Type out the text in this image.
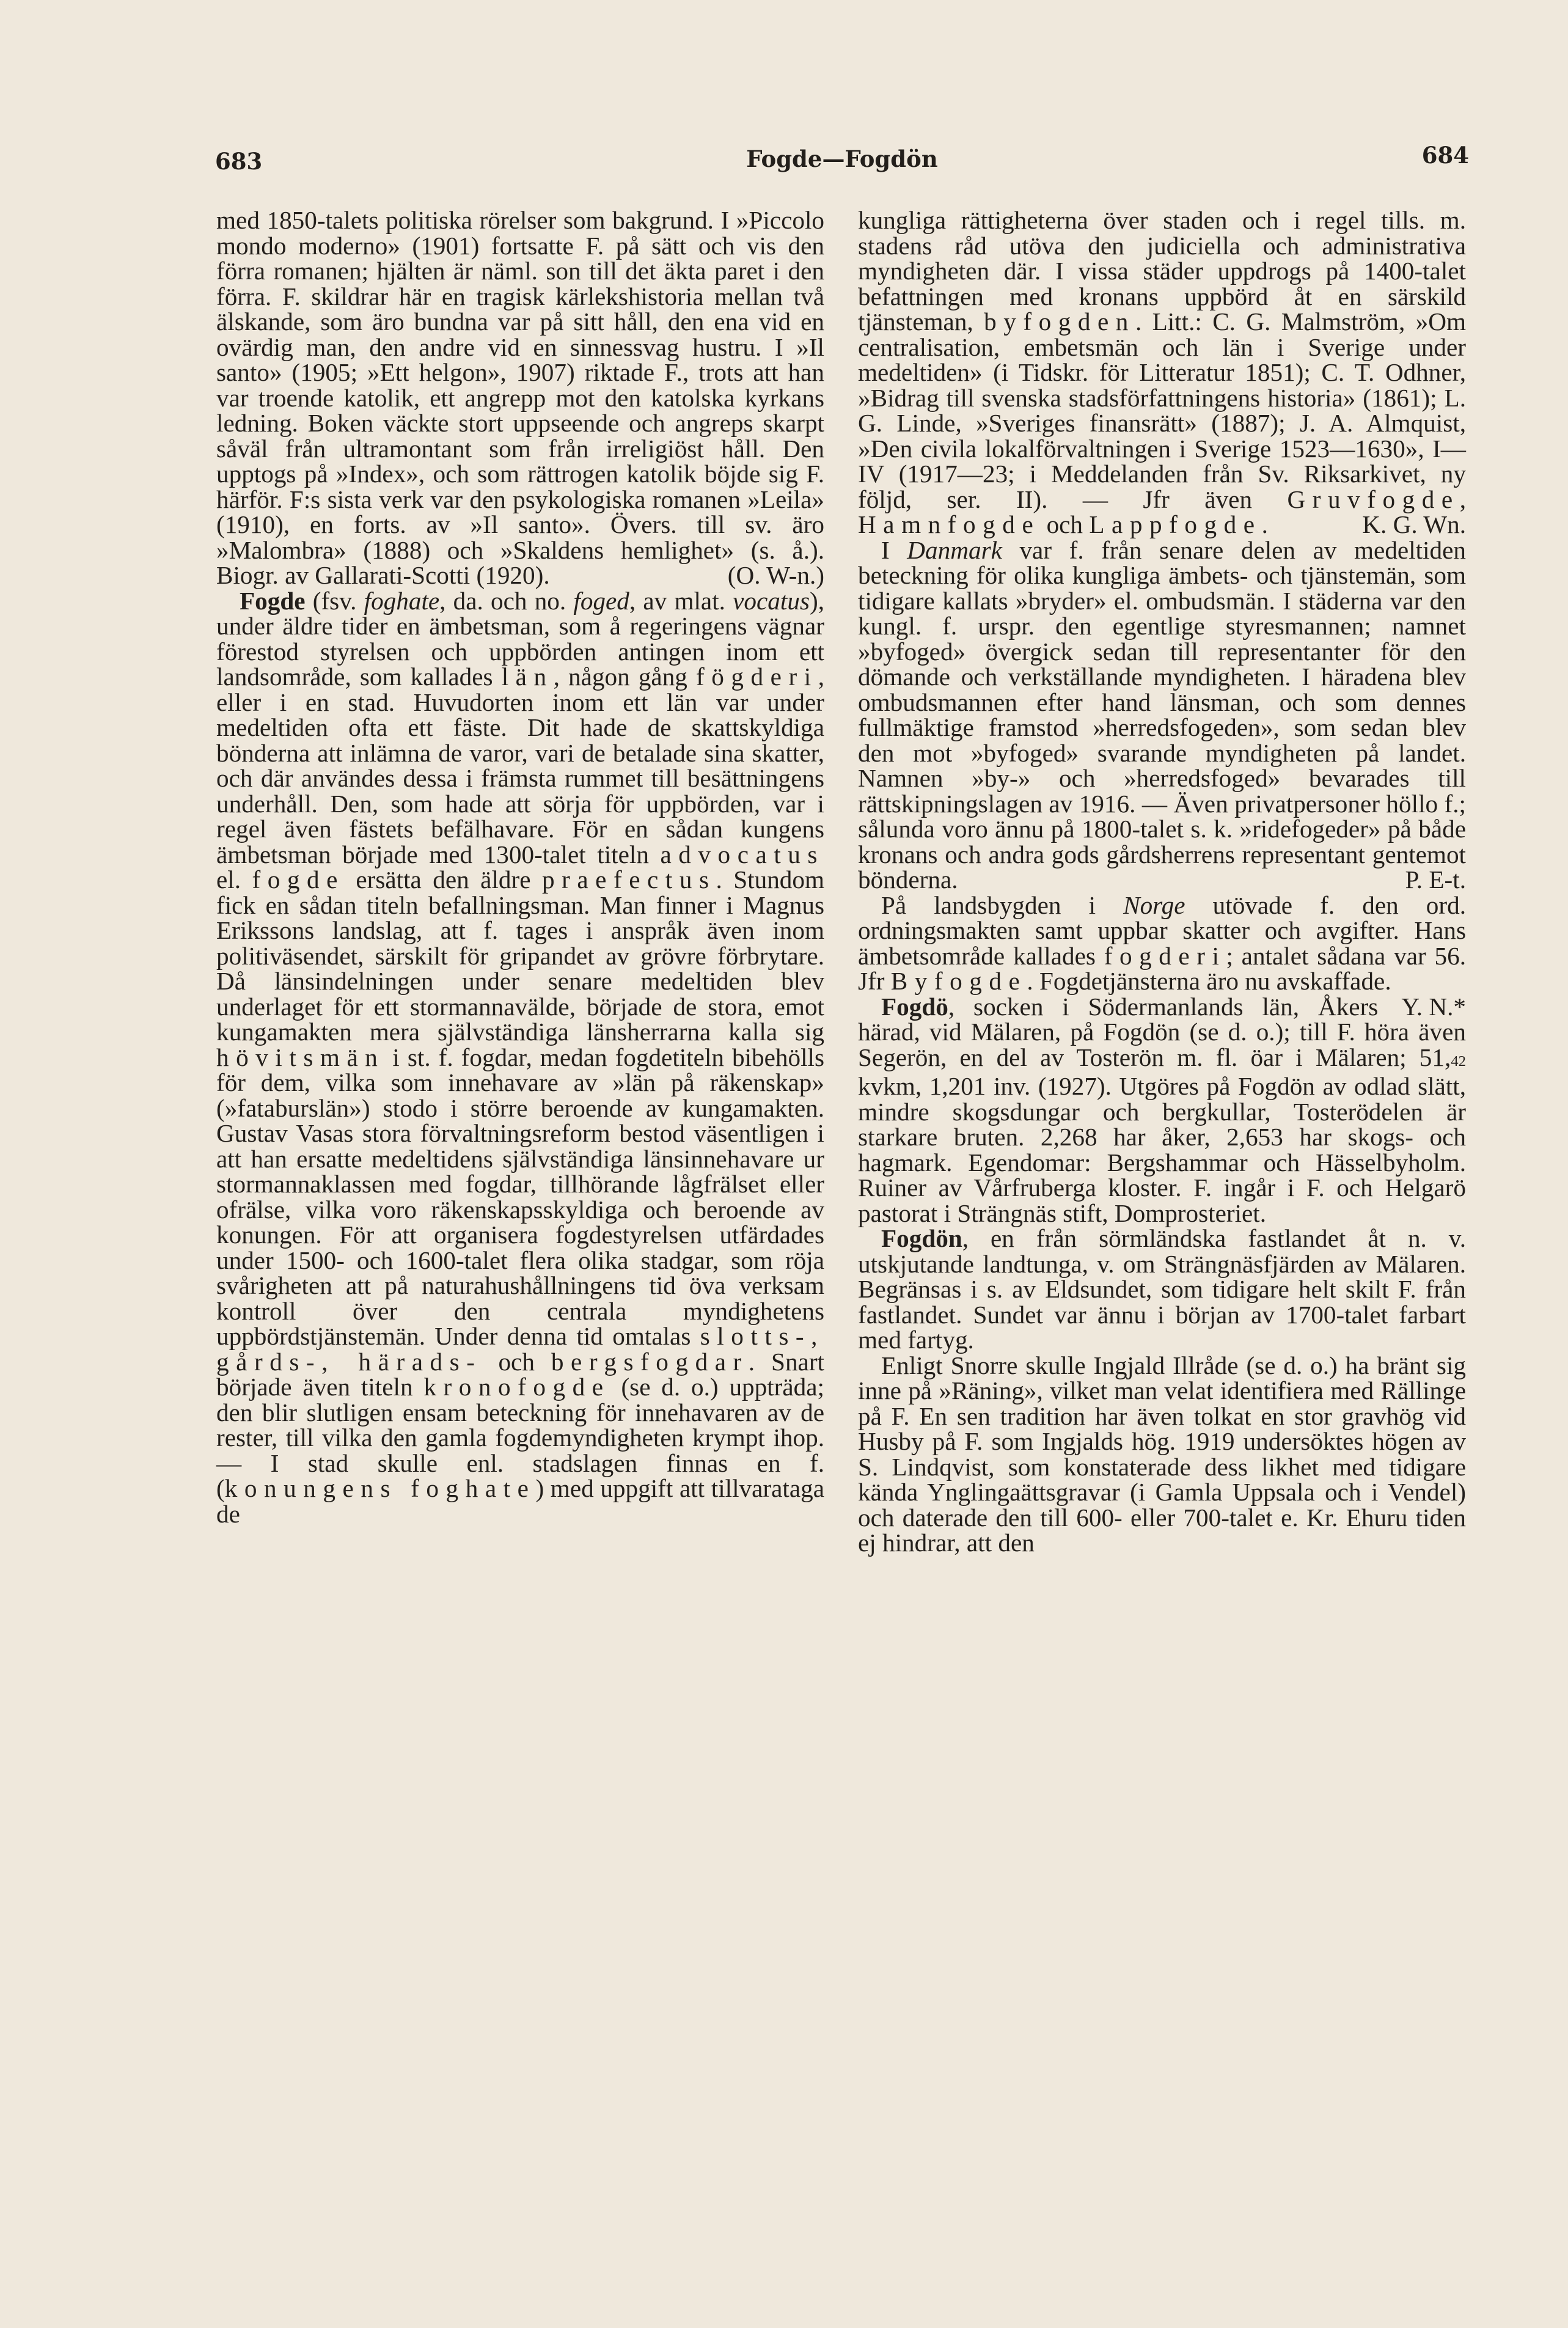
683	Fogde—Fogdön	684

med 1850-talets politiska rörelser som bakgrund. I »Piccolo mondo moderno» (1901) fortsatte F. på sätt och vis den förra romanen; hjälten är näml. son till det äkta paret i den förra. F. skildrar här en tragisk kärlekshistoria mellan två älskande, som äro bundna var på sitt håll, den ena vid en ovärdig man, den andre vid en sinnessvag hustru. I »Il santo» (1905; »Ett helgon», 1907) riktade F., trots att han var troende katolik, ett angrepp mot den katolska kyrkans ledning. Boken väckte stort uppseende och angreps skarpt såväl från ultramontant som från irreligiöst håll. Den upptogs på »Index», och som rättrogen katolik böjde sig F. härför. F:s sista verk var den psykologiska romanen »Leila» (1910), en forts. av »Il santo». Övers. till sv. äro »Malombra» (1888) och »Skaldens hemlighet» (s. å.). Biogr. av Gallarati-Scotti (1920).	(O. W-n.)

Fogde (fsv. foghate, da. och no. foged, av mlat. vocatus), under äldre tider en ämbetsman, som å regeringens vägnar förestod styrelsen och uppbörden antingen inom ett landsområde, som kallades län, någon gång fögderi, eller i en stad. Huvudorten inom ett län var under medeltiden ofta ett fäste. Dit hade de skattskyldiga bönderna att inlämna de varor, vari de betalade sina skatter, och där användes dessa i främsta rummet till besättningens underhåll. Den, som hade att sörja för uppbörden, var i regel även fästets befälhavare. För en sådan kungens ämbetsman började med 1300-talet titeln advocatus el. fogde ersätta den äldre praefectus. Stundom fick en sådan titeln befallningsman. Man finner i Magnus Erikssons landslag, att f. tages i anspråk även inom politiväsendet, särskilt för gripandet av grövre förbrytare. Då länsindelningen under senare medeltiden blev underlaget för ett stormannavälde, började de stora, emot kungamakten mera självständiga länsherrarna kalla sig hövitsmän i st. f. fogdar, medan fogdetiteln bibehölls för dem, vilka som innehavare av »län på räkenskap» (»fataburslän») stodo i större beroende av kungamakten. Gustav Vasas stora förvaltningsreform bestod väsentligen i att han ersatte medeltidens självständiga länsinnehavare ur stormannaklassen med fogdar, tillhörande lågfrälset eller ofrälse, vilka voro räkenskapsskyldiga och beroende av konungen. För att organisera fogdestyrelsen utfärdades under 1500- och 1600-talet flera olika stadgar, som röja svårigheten att på naturahushållningens tid öva verksam kontroll över den centrala myndighetens uppbördstjänstemän. Under denna tid omtalas slotts-, gårds-, härads- och bergsfogdar. Snart började även titeln kronofogde (se d. o.) uppträda; den blir slutligen ensam beteckning för innehavaren av de rester, till vilka den gamla fogdemyndigheten krympt ihop. — I stad skulle enl. stadslagen finnas en f. (konungens foghate) med uppgift att tillvaratаga de

kungliga rättigheterna över staden och i regel tills. m. stadens råd utöva den judiciella och administrativa myndigheten där. I vissa städer uppdrogs på 1400-talet befattningen med kronans uppbörd åt en särskild tjänsteman, byfogden. Litt.: C. G. Malmström, »Om centralisation, embetsmän och län i Sverige under medeltiden» (i Tidskr. för Litteratur 1851); C. T. Odhner, »Bidrag till svenska stadsförfattningens historia» (1861); L. G. Linde, »Sveriges finansrätt» (1887); J. A. Almquist, »Den civila lokalförvaltningen i Sverige 1523—1630», I—IV (1917—23; i Meddelanden från Sv. Riksarkivet, ny följd, ser. II). — Jfr även Gruvfogde, Hamnfogde och Lappfogde.	K. G. Wn.

I Danmark var f. från senare delen av medeltiden beteckning för olika kungliga ämbets- och tjänstemän, som tidigare kallats »bryder» el. ombudsmän. I städerna var den kungl. f. urspr. den egentlige styresmannen; namnet »byfoged» övergick sedan till representanter för den dömande och verkställande myndigheten. I häradena blev ombudsmannen efter hand länsman, och som dennes fullmäktige framstod »herredsfogeden», som sedan blev den mot »byfoged» svarande myndigheten på landet. Namnen »by-» och »herredsfoged» bevarades till rättskipningslagen av 1916. — Även privatpersoner höllo f.; sålunda voro ännu på 1800-talet s. k. »ridefogeder» på både kronans och andra gods gårdsherrens representant gentemot bönderna.	P. E-t.

På landsbygden i Norge utövade f. den ord. ordningsmakten samt uppbar skatter och avgifter. Hans ämbetsområde kallades fogderi; antalet sådana var 56. Jfr Byfogde. Fogdetjänsterna äro nu avskaffade.
Y. N.*

Fogdö, socken i Södermanlands län, Åkers härad, vid Mälaren, på Fogdön (se d. o.); till F. höra även Segerön, en del av Tosterön m. fl. öar i Mälaren; 51,42 kvkm, 1,201 inv. (1927). Utgöres på Fogdön av odlad slätt, mindre skogsdungar och bergkullar, Tosterödelen är starkare bruten. 2,268 har åker, 2,653 har skogs- och hagmark. Egendomar: Bergshammar och Hässelbyholm. Ruiner av Vårfruberga kloster. F. ingår i F. och Helgarö pastorat i Strängnäs stift, Domprosteriet.

Fogdön, en från sörmländska fastlandet åt n. v. utskjutande landtunga, v. om Strängnäsfjärden av Mälaren. Begränsas i s. av Eldsundet, som tidigare helt skilt F. från fastlandet. Sundet var ännu i början av 1700-talet farbart med fartyg.

Enligt Snorre skulle Ingjald Illråde (se d. o.) ha bränt sig inne på »Räning», vilket man velat identifiera med Rällinge på F. En sen tradition har även tolkat en stor gravhög vid Husby på F. som Ingjalds hög. 1919 undersöktes högen av S. Lindqvist, som konstaterade dess likhet med tidigare kända Ynglingaättsgravar (i Gamla Uppsala och i Vendel) och daterade den till 600- eller 700-talet e. Kr. Ehuru tiden ej hindrar, att den
